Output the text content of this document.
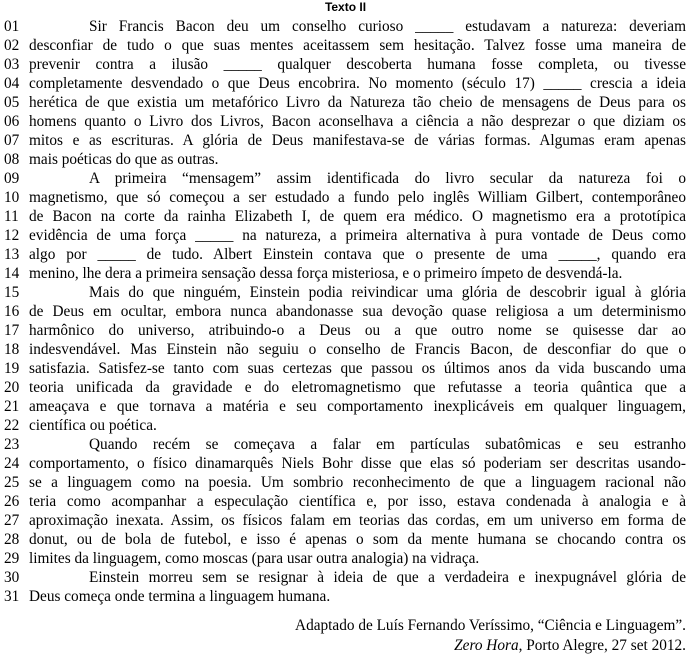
Texto II
01	Sir Francis Bacon deu um conselho curioso _____ estudavam a natureza: deveriam
02 desconfiar de tudo o que suas mentes aceitassem sem hesitação. Talvez fosse uma maneira de
03 prevenir contra a ilusão _____ qualquer descoberta humana fosse completa, ou tivesse
04 completamente desvendado o que Deus encobrira. No momento (século 17) _____ crescia a ideia
05 herética de que existia um metafórico Livro da Natureza tão cheio de mensagens de Deus para os
06 homens quanto o Livro dos Livros, Bacon aconselhava a ciência a não desprezar o que diziam os
07 mitos e as escrituras. A glória de Deus manifestava-se de várias formas. Algumas eram apenas
08 mais poéticas do que as outras.
09	A primeira “mensagem” assim identificada do livro secular da natureza foi o
10 magnetismo, que só começou a ser estudado a fundo pelo inglês William Gilbert, contemporâneo
11 de Bacon na corte da rainha Elizabeth I, de quem era médico. O magnetismo era a prototípica
12 evidência de uma força _____ na natureza, a primeira alternativa à pura vontade de Deus como
13 algo por _____ de tudo. Albert Einstein contava que o presente de uma _____, quando era
14 menino, lhe dera a primeira sensação dessa força misteriosa, e o primeiro ímpeto de desvendá-la.
15	Mais do que ninguém, Einstein podia reivindicar uma glória de descobrir igual à glória
16 de Deus em ocultar, embora nunca abandonasse sua devoção quase religiosa a um determinismo
17 harmônico do universo, atribuindo-o a Deus ou a que outro nome se quisesse dar ao
18 indesvendável. Mas Einstein não seguiu o conselho de Francis Bacon, de desconfiar do que o
19 satisfazia. Satisfez-se tanto com suas certezas que passou os últimos anos da vida buscando uma
20 teoria unificada da gravidade e do eletromagnetismo que refutasse a teoria quântica que a
21 ameaçava e que tornava a matéria e seu comportamento inexplicáveis em qualquer linguagem,
22 científica ou poética.
23	Quando recém se começava a falar em partículas subatômicas e seu estranho
24 comportamento, o físico dinamarquês Niels Bohr disse que elas só poderiam ser descritas usando-
25 se a linguagem como na poesia. Um sombrio reconhecimento de que a linguagem racional não
26 teria como acompanhar a especulação científica e, por isso, estava condenada à analogia e à
27 aproximação inexata. Assim, os físicos falam em teorias das cordas, em um universo em forma de
28 donut, ou de bola de futebol, e isso é apenas o som da mente humana se chocando contra os
29 limites da linguagem, como moscas (para usar outra analogia) na vidraça.
30	Einstein morreu sem se resignar à ideia de que a verdadeira e inexpugnável glória de
31 Deus começa onde termina a linguagem humana.
Adaptado de Luís Fernando Veríssimo, “Ciência e Linguagem”.
Zero Hora, Porto Alegre, 27 set 2012.
